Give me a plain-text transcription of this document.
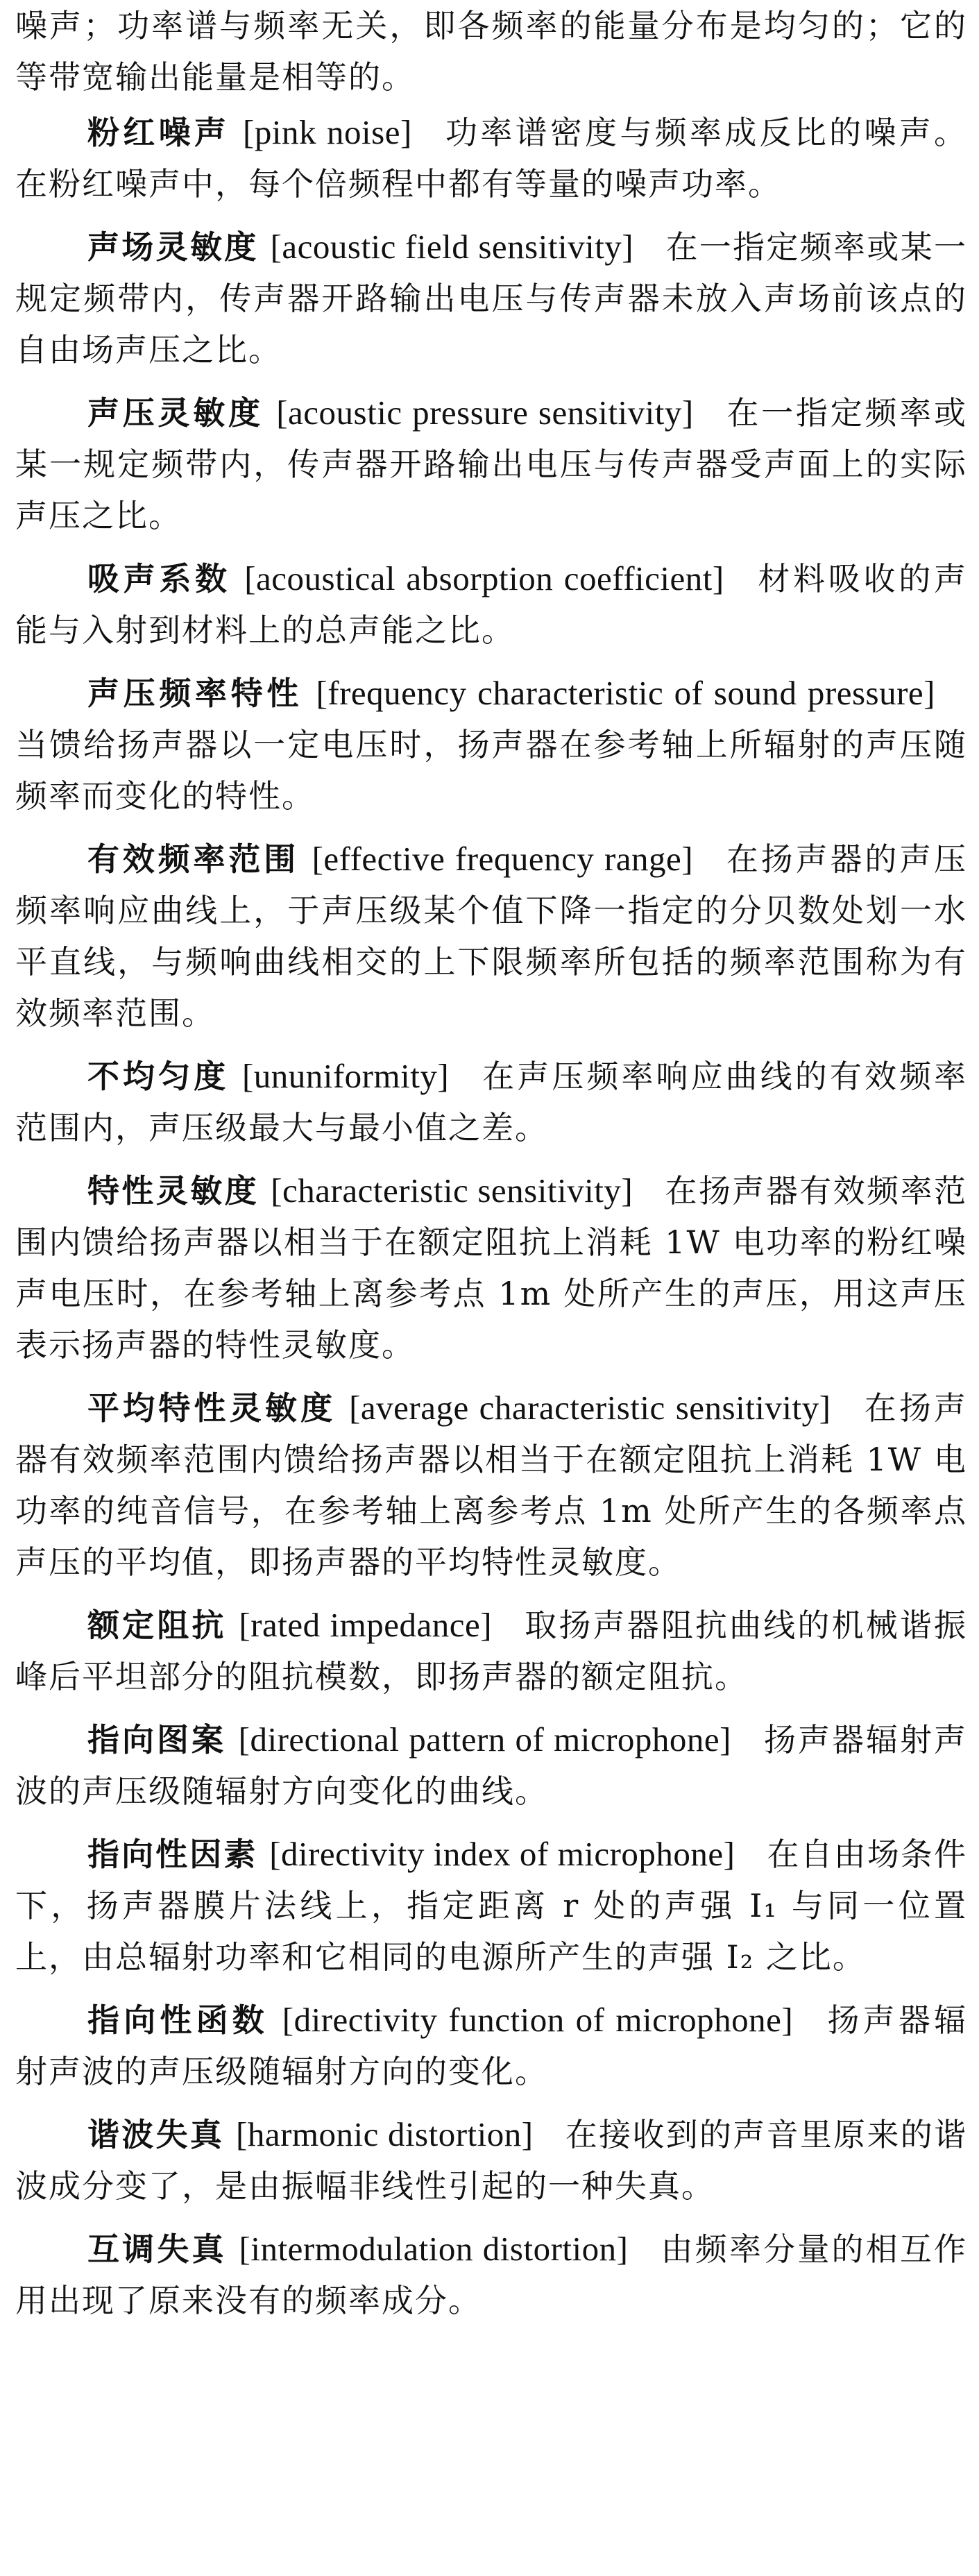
噪声；功率谱与频率无关，即各频率的能量分布是均匀的；它的等带宽输出能量是相等的。

粉红噪声 [pink noise] 功率谱密度与频率成反比的噪声。在粉红噪声中，每个倍频程中都有等量的噪声功率。

声场灵敏度 [acoustic field sensitivity] 在一指定频率或某一规定频带内，传声器开路输出电压与传声器未放入声场前该点的自由场声压之比。

声压灵敏度 [acoustic pressure sensitivity] 在一指定频率或某一规定频带内，传声器开路输出电压与传声器受声面上的实际声压之比。

吸声系数 [acoustical absorption coefficient] 材料吸收的声能与入射到材料上的总声能之比。

声压频率特性 [frequency characteristic of sound pressure]当馈给扬声器以一定电压时，扬声器在参考轴上所辐射的声压随频率而变化的特性。

有效频率范围 [effective frequency range] 在扬声器的声压频率响应曲线上，于声压级某个值下降一指定的分贝数处划一水平直线，与频响曲线相交的上下限频率所包括的频率范围称为有效频率范围。

不均匀度 [ununiformity] 在声压频率响应曲线的有效频率范围内，声压级最大与最小值之差。

特性灵敏度 [characteristic sensitivity] 在扬声器有效频率范围内馈给扬声器以相当于在额定阻抗上消耗 1W 电功率的粉红噪声电压时，在参考轴上离参考点 1m 处所产生的声压，用这声压表示扬声器的特性灵敏度。

平均特性灵敏度 [average characteristic sensitivity] 在扬声器有效频率范围内馈给扬声器以相当于在额定阻抗上消耗 1W 电功率的纯音信号，在参考轴上离参考点 1m 处所产生的各频率点声压的平均值，即扬声器的平均特性灵敏度。

额定阻抗 [rated impedance] 取扬声器阻抗曲线的机械谐振峰后平坦部分的阻抗模数，即扬声器的额定阻抗。

指向图案 [directional pattern of microphone] 扬声器辐射声波的声压级随辐射方向变化的曲线。

指向性因素 [directivity index of microphone] 在自由场条件下，扬声器膜片法线上，指定距离 r 处的声强 I₁ 与同一位置上，由总辐射功率和它相同的电源所产生的声强 I₂ 之比。

指向性函数 [directivity function of microphone] 扬声器辐射声波的声压级随辐射方向的变化。

谐波失真 [harmonic distortion] 在接收到的声音里原来的谐波成分变了，是由振幅非线性引起的一种失真。

互调失真 [intermodulation distortion] 由频率分量的相互作用出现了原来没有的频率成分。
